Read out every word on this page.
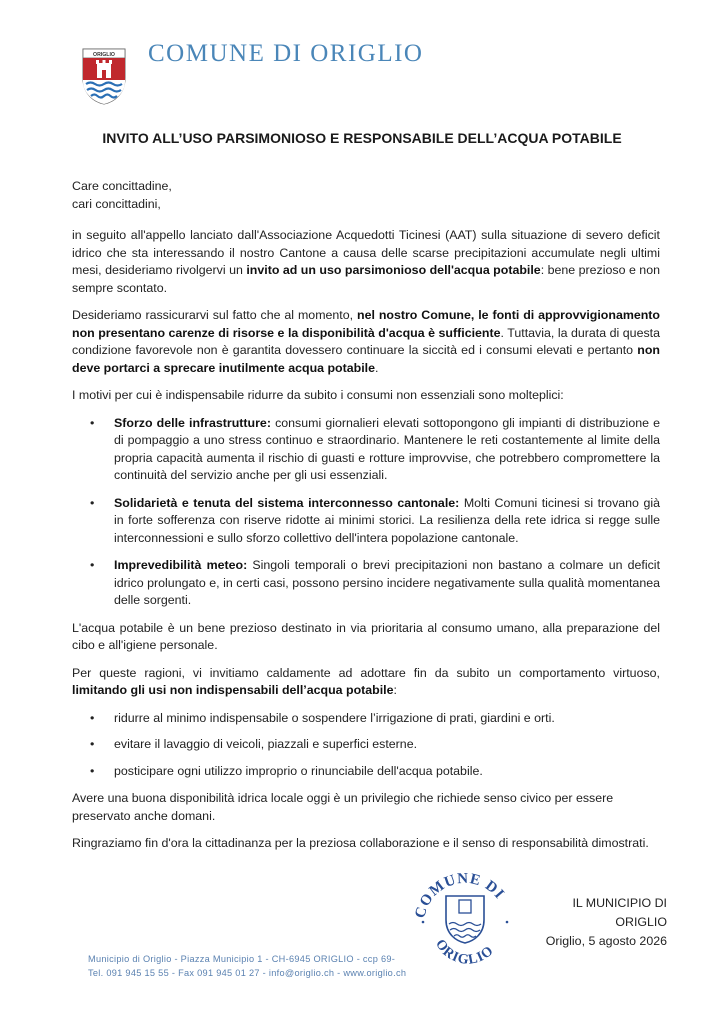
ORIGLIO COMUNE DI ORIGLIO
INVITO ALL’USO PARSIMONIOSO E RESPONSABILE DELL’ACQUA POTABILE

Care concittadine,
cari concittadini,

in seguito all'appello lanciato dall'Associazione Acquedotti Ticinesi (AAT) sulla situazione di severo deficit idrico che sta interessando il nostro Cantone a causa delle scarse precipitazioni accumulate negli ultimi mesi, desideriamo rivolgervi un invito ad un uso parsimonioso dell'acqua potabile: bene prezioso e non sempre scontato.

Desideriamo rassicurarvi sul fatto che al momento, nel nostro Comune, le fonti di approvvigionamento non presentano carenze di risorse e la disponibilità d'acqua è sufficiente. Tuttavia, la durata di questa condizione favorevole non è garantita dovessero continuare la siccità ed i consumi elevati e pertanto non deve portarci a sprecare inutilmente acqua potabile.

I motivi per cui è indispensabile ridurre da subito i consumi non essenziali sono molteplici:

• Sforzo delle infrastrutture: consumi giornalieri elevati sottopongono gli impianti di distribuzione e di pompaggio a uno stress continuo e straordinario. Mantenere le reti costantemente al limite della propria capacità aumenta il rischio di guasti e rotture improvvise, che potrebbero compromettere la continuità del servizio anche per gli usi essenziali.
• Solidarietà e tenuta del sistema interconnesso cantonale: Molti Comuni ticinesi si trovano già in forte sofferenza con riserve ridotte ai minimi storici. La resilienza della rete idrica si regge sulle interconnessioni e sullo sforzo collettivo dell'intera popolazione cantonale.
• Imprevedibilità meteo: Singoli temporali o brevi precipitazioni non bastano a colmare un deficit idrico prolungato e, in certi casi, possono persino incidere negativamente sulla qualità momentanea delle sorgenti.

L'acqua potabile è un bene prezioso destinato in via prioritaria al consumo umano, alla preparazione del cibo e all'igiene personale.

Per queste ragioni, vi invitiamo caldamente ad adottare fin da subito un comportamento virtuoso, limitando gli usi non indispensabili dell’acqua potabile:

• ridurre al minimo indispensabile o sospendere l’irrigazione di prati, giardini e orti.
• evitare il lavaggio di veicoli, piazzali e superfici esterne.
• posticipare ogni utilizzo improprio o rinunciabile dell'acqua potabile.

Avere una buona disponibilità idrica locale oggi è un privilegio che richiede senso civico per essere preservato anche domani.

Ringraziamo fin d'ora la cittadinanza per la preziosa collaborazione e il senso di responsabilità dimostrati.

COMUNE DI
ORIGLIO
IL MUNICIPIO DI ORIGLIO
Origlio, 5 agosto 2026
Municipio di Origlio - Piazza Municipio 1 - CH-6945 ORIGLIO - ccp 69-
Tel. 091 945 15 55 - Fax 091 945 01 27 - info@origlio.ch - www.origlio.ch
